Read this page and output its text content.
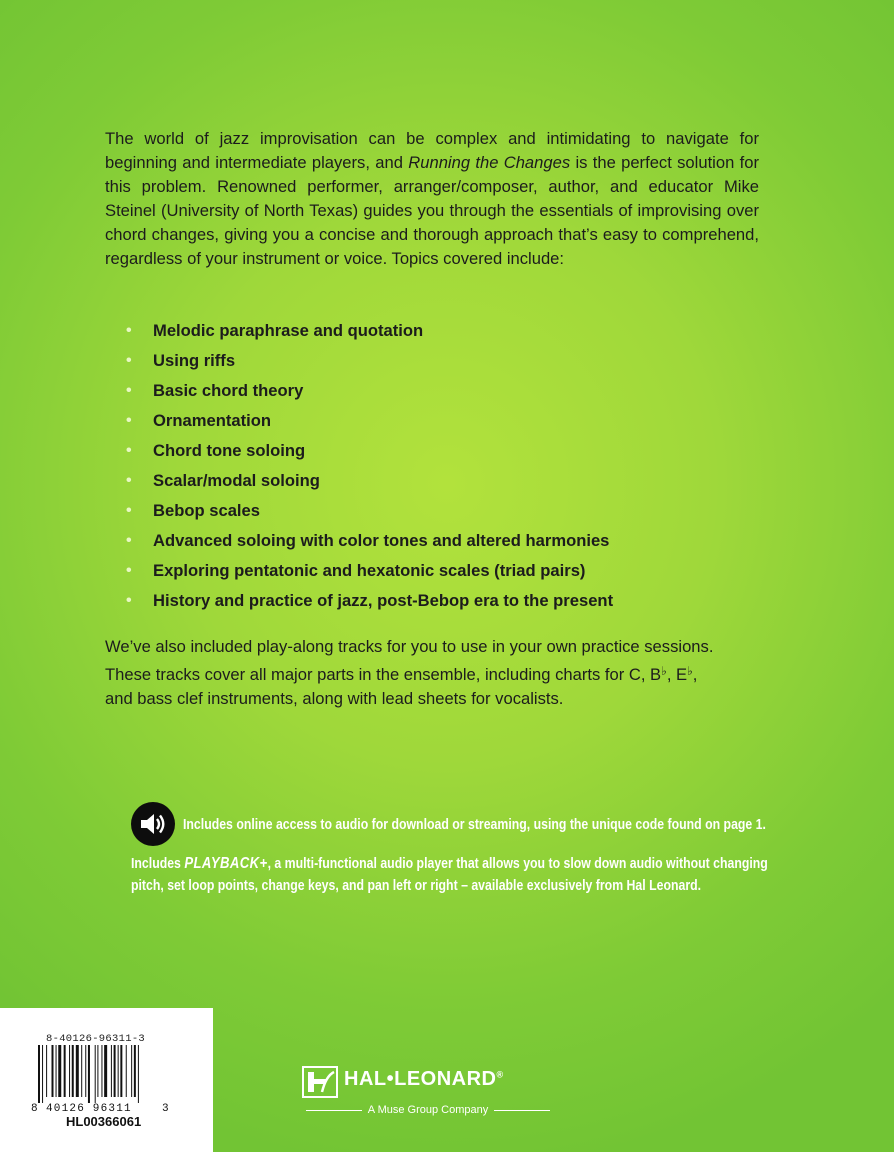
The world of jazz improvisation can be complex and intimidating to navigate for beginning and intermediate players, and Running the Changes is the perfect solution for this problem. Renowned performer, arranger/composer, author, and educator Mike Steinel (University of North Texas) guides you through the essentials of improvising over chord changes, giving you a concise and thorough approach that’s easy to comprehend, regardless of your instrument or voice. Topics covered include:

• Melodic paraphrase and quotation
• Using riffs
• Basic chord theory
• Ornamentation
• Chord tone soloing
• Scalar/modal soloing
• Bebop scales
• Advanced soloing with color tones and altered harmonies
• Exploring pentatonic and hexatonic scales (triad pairs)
• History and practice of jazz, post-Bebop era to the present
We’ve also included play-along tracks for you to use in your own practice sessions.
These tracks cover all major parts in the ensemble, including charts for C, B♭, E♭,
and bass clef instruments, along with lead sheets for vocalists.
Includes online access to audio for download or streaming, using the unique code found on page 1.
Includes PLAYBACK+, a multi-functional audio player that allows you to slow down audio without changing
pitch, set loop points, change keys, and pan left or right – available exclusively from Hal Leonard.
8-40126-96311-3
8 40126 96311	3
HL00366061
HAL•LEONARD®
A Muse Group Company
